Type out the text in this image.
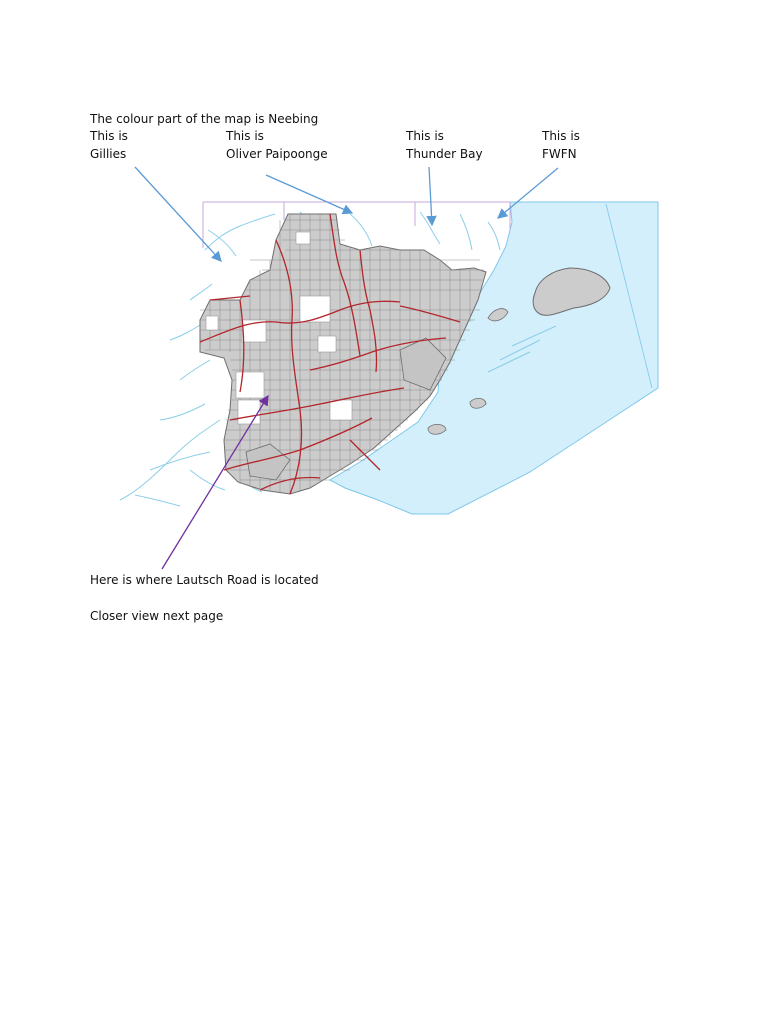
The colour part of the map is Neebing
This is
Gillies
This is
Oliver Paipoonge
This is
Thunder Bay
This is
FWFN
Here is where Lautsch Road is located
Closer view next page
